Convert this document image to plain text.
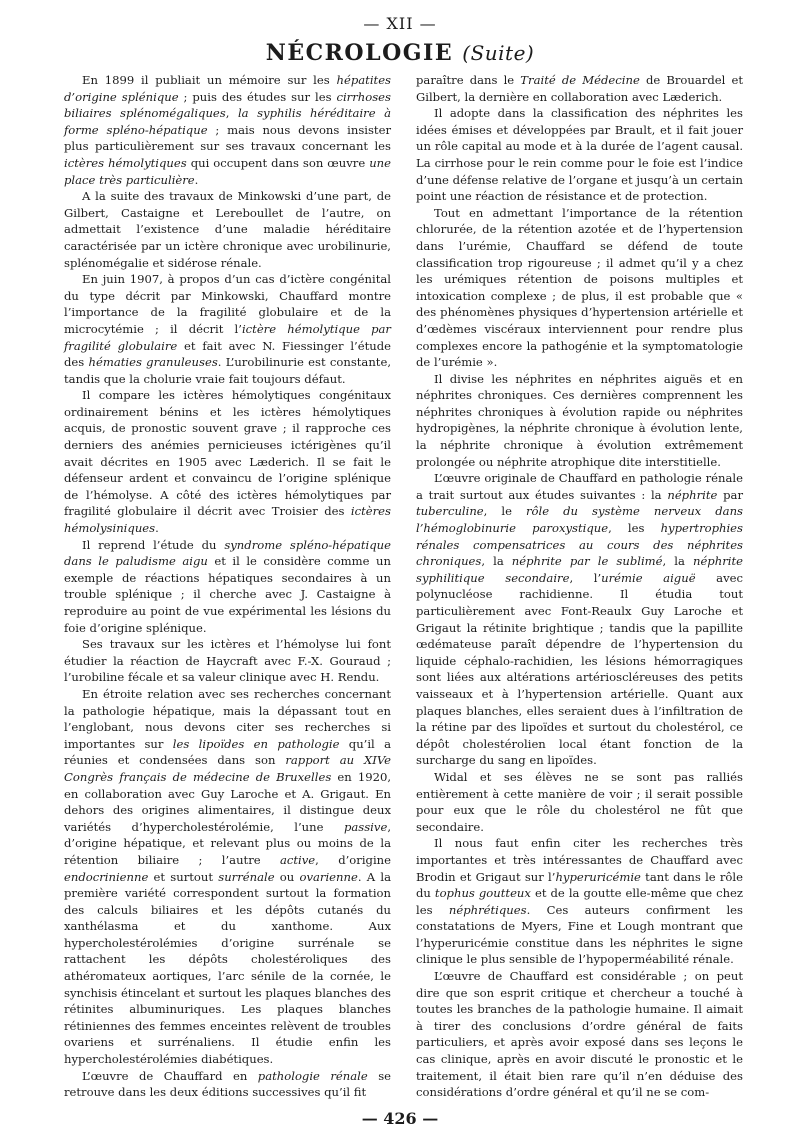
— XII —
NÉCROLOGIE (Suite)

En 1899 il publiait un mémoire sur les hépatites d’origine splénique ; puis des études sur les cirrhoses biliaires splénomégaliques, la syphilis héréditaire à forme spléno-hépatique ; mais nous devons insister plus particulièrement sur ses travaux concernant les ictères hémolytiques qui occupent dans son œuvre une place très particulière.

A la suite des travaux de Minkowski d’une part, de Gilbert, Castaigne et Lereboullet de l’autre, on admettait l’existence d’une maladie héréditaire caractérisée par un ictère chronique avec urobilinurie, splénomégalie et sidérose rénale.

En juin 1907, à propos d’un cas d’ictère congénital du type décrit par Minkowski, Chauffard montre l’importance de la fragilité globulaire et de la microcytémie ; il décrit l’ictère hémolytique par fragilité globulaire et fait avec N. Fiessinger l’étude des hématies granuleuses. L’urobilinurie est constante, tandis que la cholurie vraie fait toujours défaut.

Il compare les ictères hémolytiques congénitaux ordinairement bénins et les ictères hémolytiques acquis, de pronostic souvent grave ; il rapproche ces derniers des anémies pernicieuses ictérigènes qu’il avait décrites en 1905 avec Læderich. Il se fait le défenseur ardent et convaincu de l’origine splénique de l’hémolyse. A côté des ictères hémolytiques par fragilité globulaire il décrit avec Troisier des ictères hémolysiniques.

Il reprend l’étude du syndrome spléno-hépatique dans le paludisme aigu et il le considère comme un exemple de réactions hépatiques secondaires à un trouble splénique ; il cherche avec J. Castaigne à reproduire au point de vue expérimental les lésions du foie d’origine splénique.

Ses travaux sur les ictères et l’hémolyse lui font étudier la réaction de Haycraft avec F.-X. Gouraud ; l’urobiline fécale et sa valeur clinique avec H. Rendu.

En étroite relation avec ses recherches concernant la pathologie hépatique, mais la dépassant tout en l’englobant, nous devons citer ses recherches si importantes sur les lipoïdes en pathologie qu’il a réunies et condensées dans son rapport au XIVe Congrès français de médecine de Bruxelles en 1920, en collaboration avec Guy Laroche et A. Grigaut. En dehors des origines alimentaires, il distingue deux variétés d’hypercholestérolémie, l’une passive, d’origine hépatique, et relevant plus ou moins de la rétention biliaire ; l’autre active, d’origine endocrinienne et surtout surrénale ou ovarienne. A la première variété correspondent surtout la formation des calculs biliaires et les dépôts cutanés du xanthélasma et du xanthome. Aux hypercholestérolémies d’origine surrénale se rattachent les dépôts cholestéroliques des athéromateux aortiques, l’arc sénile de la cornée, le synchisis étincelant et surtout les plaques blanches des rétinites albuminuriques. Les plaques blanches rétiniennes des femmes enceintes relèvent de troubles ovariens et surrénaliens. Il étudie enfin les hypercholestérolémies diabétiques.

L’œuvre de Chauffard en pathologie rénale se retrouve dans les deux éditions successives qu’il fit

paraître dans le Traité de Médecine de Brouardel et Gilbert, la dernière en collaboration avec Læderich.

Il adopte dans la classification des néphrites les idées émises et développées par Brault, et il fait jouer un rôle capital au mode et à la durée de l’agent causal. La cirrhose pour le rein comme pour le foie est l’indice d’une défense relative de l’organe et jusqu’à un certain point une réaction de résistance et de protection.

Tout en admettant l’importance de la rétention chlorurée, de la rétention azotée et de l’hypertension dans l’urémie, Chauffard se défend de toute classification trop rigoureuse ; il admet qu’il y a chez les urémiques rétention de poisons multiples et intoxication complexe ; de plus, il est probable que « des phénomènes physiques d’hypertension artérielle et d’œdèmes viscéraux interviennent pour rendre plus complexes encore la pathogénie et la symptomatologie de l’urémie ».

Il divise les néphrites en néphrites aiguës et en néphrites chroniques. Ces dernières comprennent les néphrites chroniques à évolution rapide ou néphrites hydropigènes, la néphrite chronique à évolution lente, la néphrite chronique à évolution extrêmement prolongée ou néphrite atrophique dite interstitielle.

L’œuvre originale de Chauffard en pathologie rénale a trait surtout aux études suivantes : la néphrite par tuberculine, le rôle du système nerveux dans l’hémoglobinurie paroxystique, les hypertrophies rénales compensatrices au cours des néphrites chroniques, la néphrite par le sublimé, la néphrite syphilitique secondaire, l’urémie aiguë avec polynucléose rachidienne. Il étudia tout particulièrement avec Font-Reaulx Guy Laroche et Grigaut la rétinite brightique ; tandis que la papillite œdémateuse paraît dépendre de l’hypertension du liquide céphalo-rachidien, les lésions hémorragiques sont liées aux altérations artérioscléreuses des petits vaisseaux et à l’hypertension artérielle. Quant aux plaques blanches, elles seraient dues à l’infiltration de la rétine par des lipoïdes et surtout du cholestérol, ce dépôt cholestérolien local étant fonction de la surcharge du sang en lipoïdes.

Widal et ses élèves ne se sont pas ralliés entièrement à cette manière de voir ; il serait possible pour eux que le rôle du cholestérol ne fût que secondaire.

Il nous faut enfin citer les recherches très importantes et très intéressantes de Chauffard avec Brodin et Grigaut sur l’hyperuricémie tant dans le rôle du tophus goutteux et de la goutte elle-même que chez les néphrétiques. Ces auteurs confirment les constatations de Myers, Fine et Lough montrant que l’hyperuricémie constitue dans les néphrites le signe clinique le plus sensible de l’hypoperméabilité rénale.

L’œuvre de Chauffard est considérable ; on peut dire que son esprit critique et chercheur a touché à toutes les branches de la pathologie humaine. Il aimait à tirer des conclusions d’ordre général de faits particuliers, et après avoir exposé dans ses leçons le cas clinique, après en avoir discuté le pronostic et le traitement, il était bien rare qu’il n’en déduise des considérations d’ordre général et qu’il ne se com-

— 426 —
